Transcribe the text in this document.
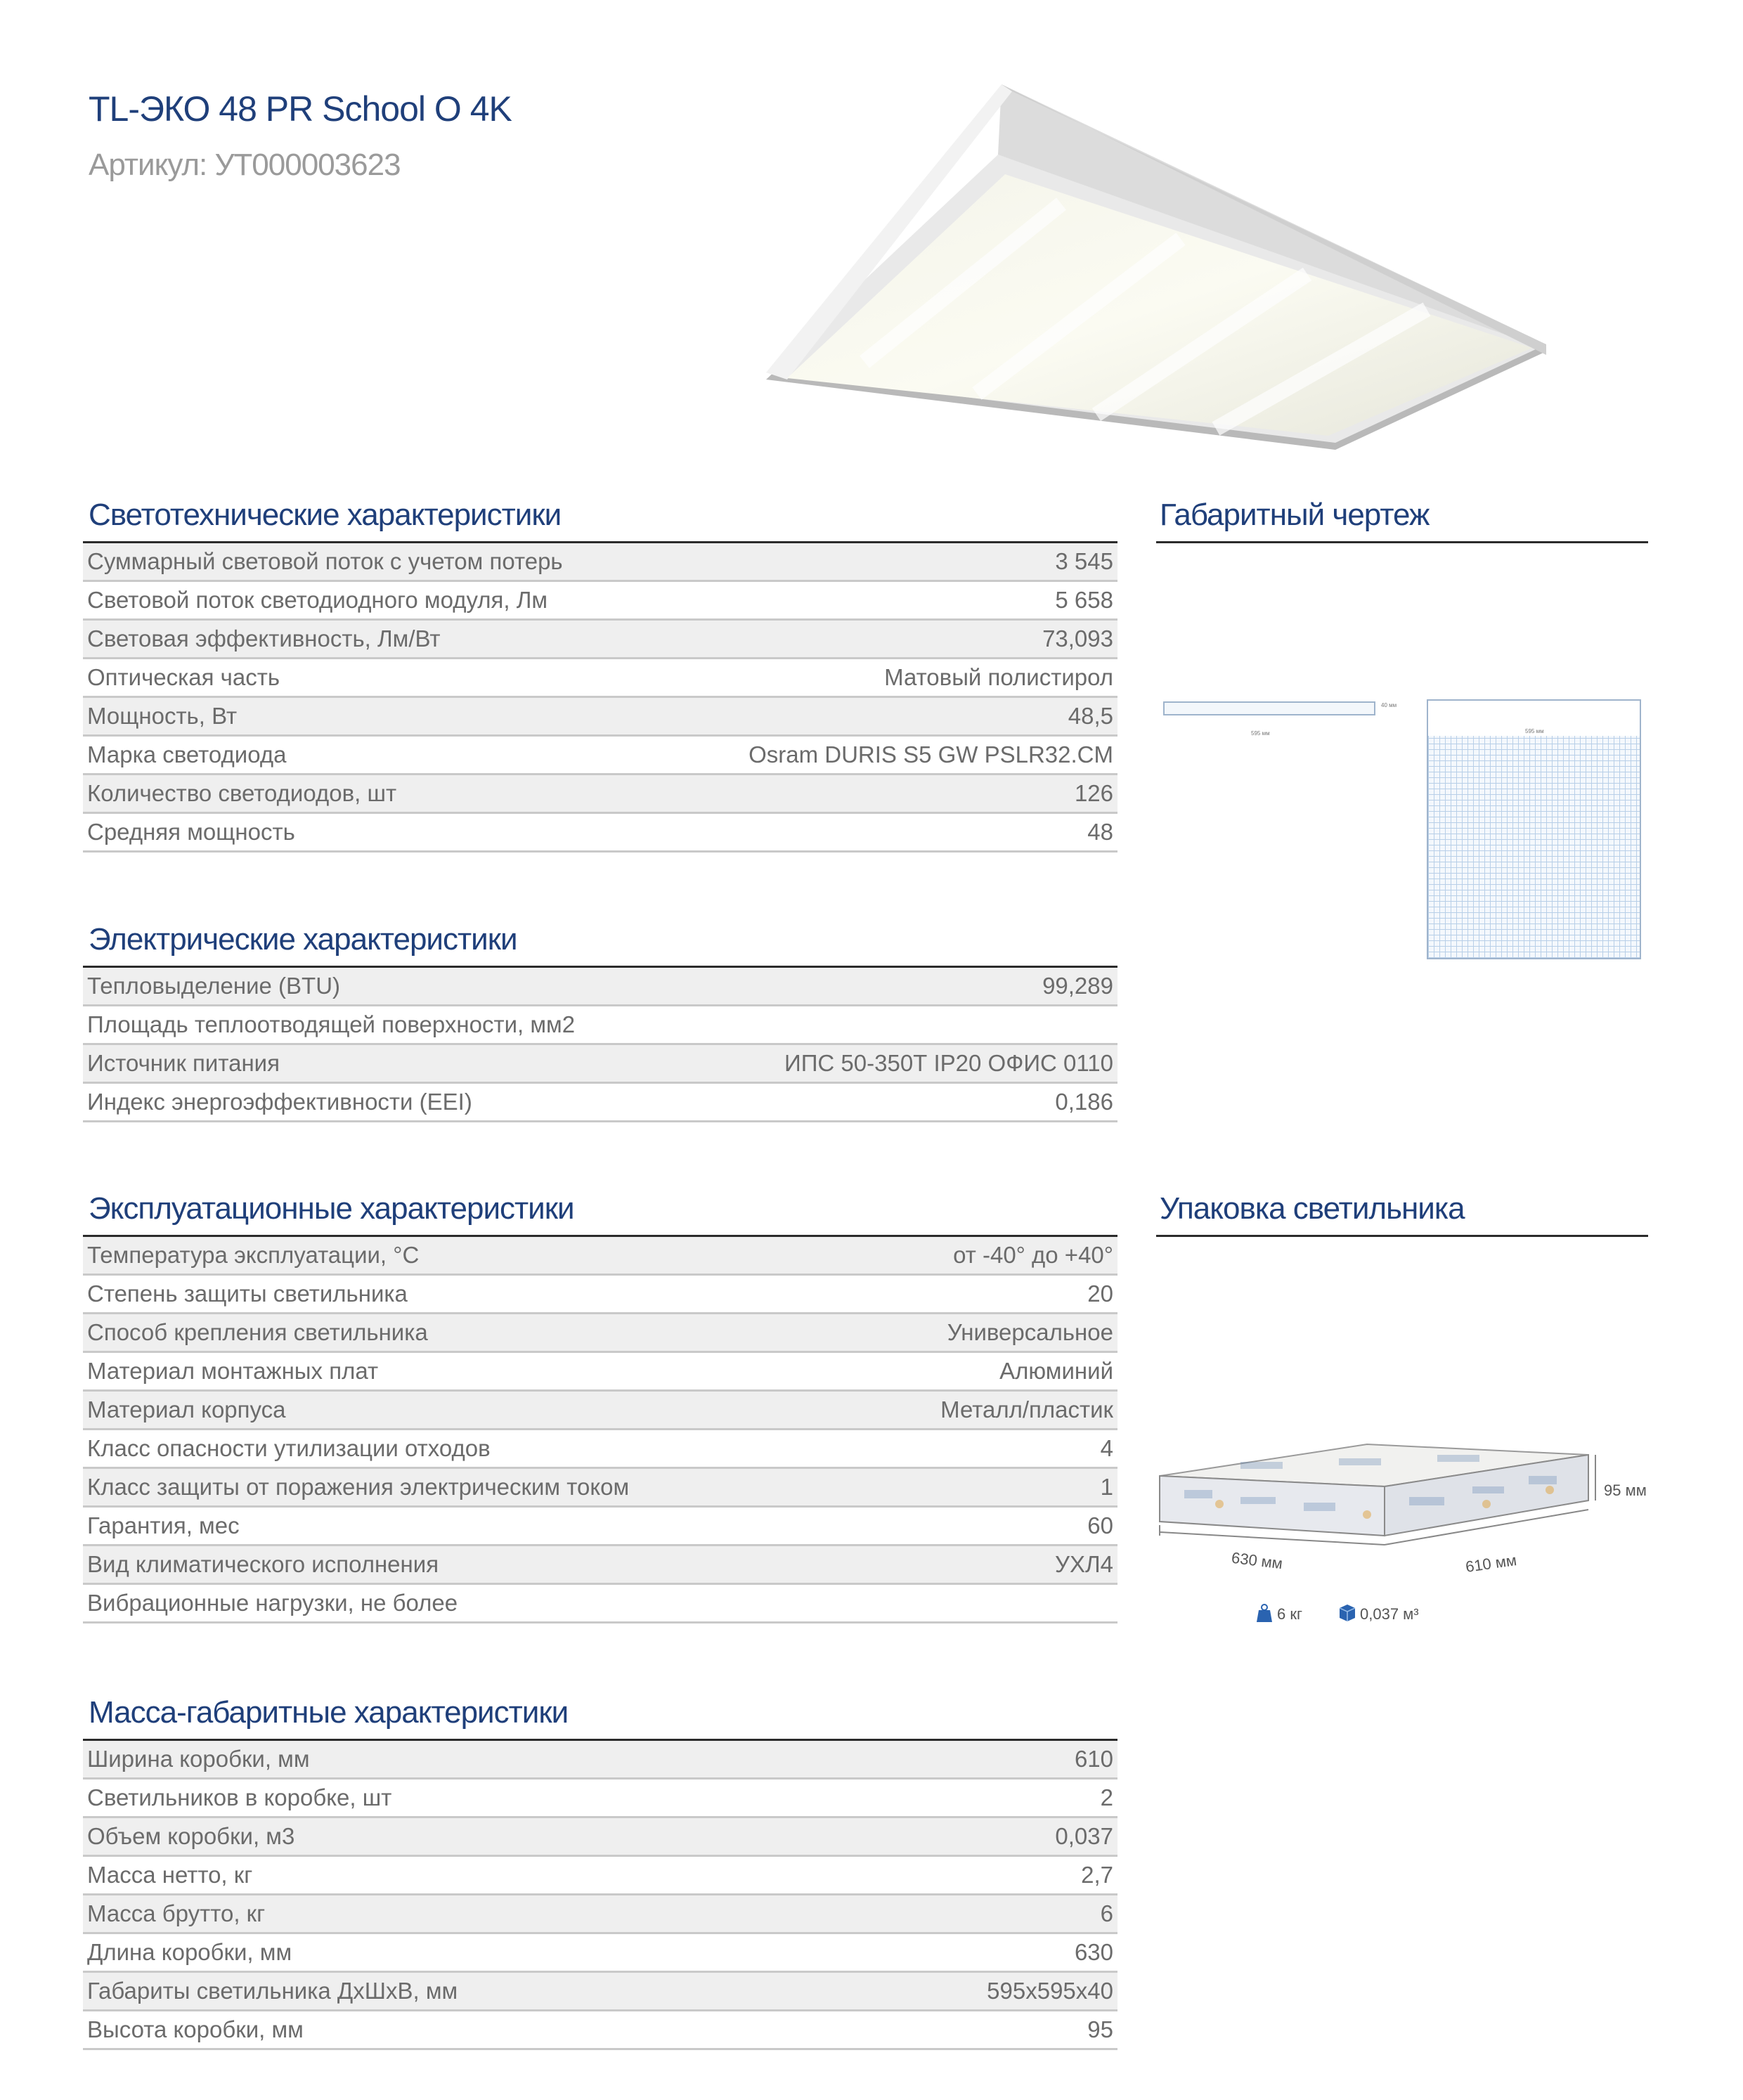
TL-ЭКО 48 PR School O 4K
Артикул: УТ000003623
Светотехнические характеристики
Суммарный световой поток с учетом потерь	3 545
Световой поток светодиодного модуля, Лм	5 658
Световая эффективность, Лм/Вт	73,093
Оптическая часть	Матовый полистирол
Мощность, Вт	48,5
Марка светодиода	Osram DURIS S5 GW PSLR32.CM
Количество светодиодов, шт	126
Средняя мощность	48
Электрические характеристики
Тепловыделение (BTU)	99,289
Площадь теплоотводящей поверхности, мм2
Источник питания	ИПС 50-350Т IP20 ОФИС 0110
Индекс энергоэффективности (EEI)	0,186
Эксплуатационные характеристики
Температура эксплуатации, °С	от -40° до +40°
Степень защиты светильника	20
Способ крепления светильника	Универсальное
Материал монтажных плат	Алюминий
Материал корпуса	Металл/пластик
Класс опасности утилизации отходов	4
Класс защиты от поражения электрическим током	1
Гарантия, мес	60
Вид климатического исполнения	УХЛ4
Вибрационные нагрузки, не более
Масса-габаритные характеристики
Ширина коробки, мм	610
Светильников в коробке, шт	2
Объем коробки, м3	0,037
Масса нетто, кг	2,7
Масса брутто, кг	6
Длина коробки, мм	630
Габариты светильника ДхШхВ, мм	595x595x40
Высота коробки, мм	95
Габаритный чертеж
595 мм
40 мм
595 мм
Упаковка светильника
95 мм
630 мм	610 мм
6 кг	0,037 м³
